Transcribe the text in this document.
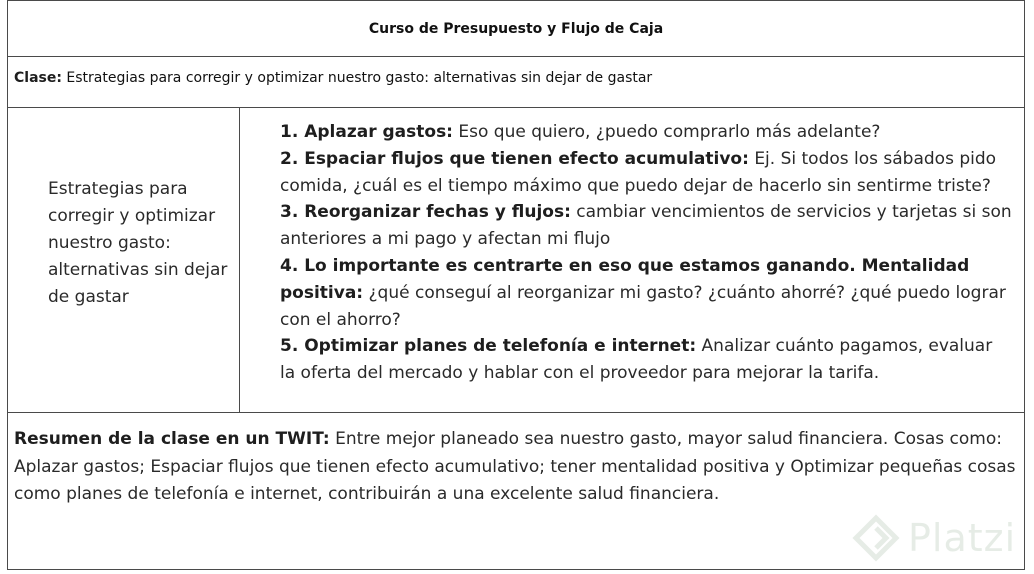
Curso de Presupuesto y Flujo de Caja
Clase: Estrategias para corregir y optimizar nuestro gasto: alternativas sin dejar de gastar
Estrategias para corregir y optimizar nuestro gasto: alternativas sin dejar de gastar

1. Aplazar gastos: Eso que quiero, ¿puedo comprarlo más adelante?

2. Espaciar flujos que tienen efecto acumulativo: Ej. Si todos los sábados pido comida, ¿cuál es el tiempo máximo que puedo dejar de hacerlo sin sentirme triste?

3. Reorganizar fechas y flujos: cambiar vencimientos de servicios y tarjetas si son anteriores a mi pago y afectan mi flujo

4. Lo importante es centrarte en eso que estamos ganando. Mentalidad positiva: ¿qué conseguí al reorganizar mi gasto? ¿cuánto ahorré? ¿qué puedo lograr con el ahorro?

5. Optimizar planes de telefonía e internet: Analizar cuánto pagamos, evaluar la oferta del mercado y hablar con el proveedor para mejorar la tarifa.

Resumen de la clase en un TWIT: Entre mejor planeado sea nuestro gasto, mayor salud financiera. Cosas como: Aplazar gastos; Espaciar flujos que tienen efecto acumulativo; tener mentalidad positiva y Optimizar pequeñas cosas como planes de telefonía e internet, contribuirán a una excelente salud financiera.
Platzi
